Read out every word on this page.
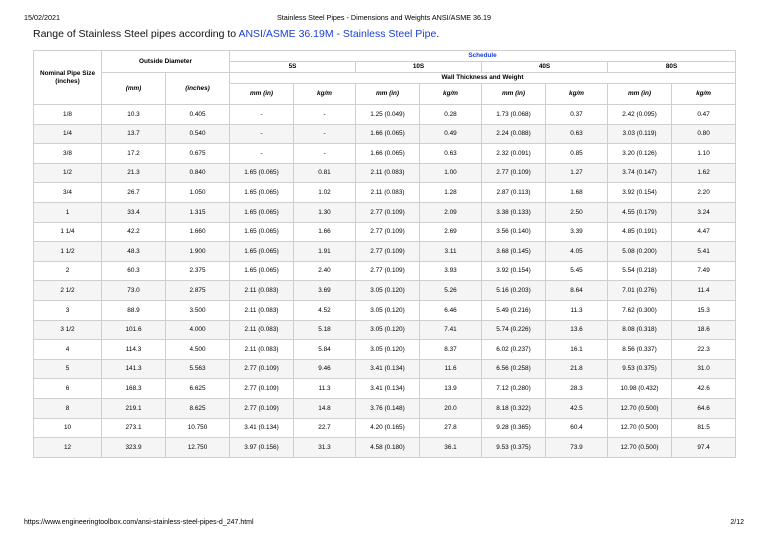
15/02/2021	Stainless Steel Pipes - Dimensions and Weights ANSI/ASME 36.19
Range of Stainless Steel pipes according to ANSI/ASME 36.19M - Stainless Steel Pipe.
Nominal Pipe Size (inches)	Outside Diameter		Schedule							
			5S		10S		40S		80S	
	(mm)	(inches)	Wall Thickness and Weight							
			mm (in)	kg/m	mm (in)	kg/m	mm (in)	kg/m	mm (in)	kg/m
1/8	10.3	0.405	-	-	1.25 (0.049)	0.28	1.73 (0.068)	0.37	2.42 (0.095)	0.47
1/4	13.7	0.540	-	-	1.66 (0.065)	0.49	2.24 (0.088)	0.63	3.03 (0.119)	0.80
3/8	17.2	0.675	-	-	1.66 (0.065)	0.63	2.32 (0.091)	0.85	3.20 (0.126)	1.10
1/2	21.3	0.840	1.65 (0.065)	0.81	2.11 (0.083)	1.00	2.77 (0.109)	1.27	3.74 (0.147)	1.62
3/4	26.7	1.050	1.65 (0.065)	1.02	2.11 (0.083)	1.28	2.87 (0.113)	1.68	3.92 (0.154)	2.20
1	33.4	1.315	1.65 (0.065)	1.30	2.77 (0.109)	2.09	3.38 (0.133)	2.50	4.55 (0.179)	3.24
1 1/4	42.2	1.660	1.65 (0.065)	1.66	2.77 (0.109)	2.69	3.56 (0.140)	3.39	4.85 (0.191)	4.47
1 1/2	48.3	1.900	1.65 (0.065)	1.91	2.77 (0.109)	3.11	3.68 (0.145)	4.05	5.08 (0.200)	5.41
2	60.3	2.375	1.65 (0.065)	2.40	2.77 (0.109)	3.93	3.92 (0.154)	5.45	5.54 (0.218)	7.49
2 1/2	73.0	2.875	2.11 (0.083)	3.69	3.05 (0.120)	5.26	5.16 (0.203)	8.64	7.01 (0.276)	11.4
3	88.9	3.500	2.11 (0.083)	4.52	3.05 (0.120)	6.46	5.49 (0.216)	11.3	7.62 (0.300)	15.3
3 1/2	101.6	4.000	2.11 (0.083)	5.18	3.05 (0.120)	7.41	5.74 (0.226)	13.6	8.08 (0.318)	18.6
4	114.3	4.500	2.11 (0.083)	5.84	3.05 (0.120)	8.37	6.02 (0.237)	16.1	8.56 (0.337)	22.3
5	141.3	5.563	2.77 (0.109)	9.46	3.41 (0.134)	11.6	6.56 (0.258)	21.8	9.53 (0.375)	31.0
6	168.3	6.625	2.77 (0.109)	11.3	3.41 (0.134)	13.9	7.12 (0.280)	28.3	10.98 (0.432)	42.6
8	219.1	8.625	2.77 (0.109)	14.8	3.76 (0.148)	20.0	8.18 (0.322)	42.5	12.70 (0.500)	64.6
10	273.1	10.750	3.41 (0.134)	22.7	4.20 (0.165)	27.8	9.28 (0.365)	60.4	12.70 (0.500)	81.5
12	323.9	12.750	3.97 (0.156)	31.3	4.58 (0.180)	36.1	9.53 (0.375)	73.9	12.70 (0.500)	97.4
https://www.engineeringtoolbox.com/ansi-stainless-steel-pipes-d_247.html	2/12
